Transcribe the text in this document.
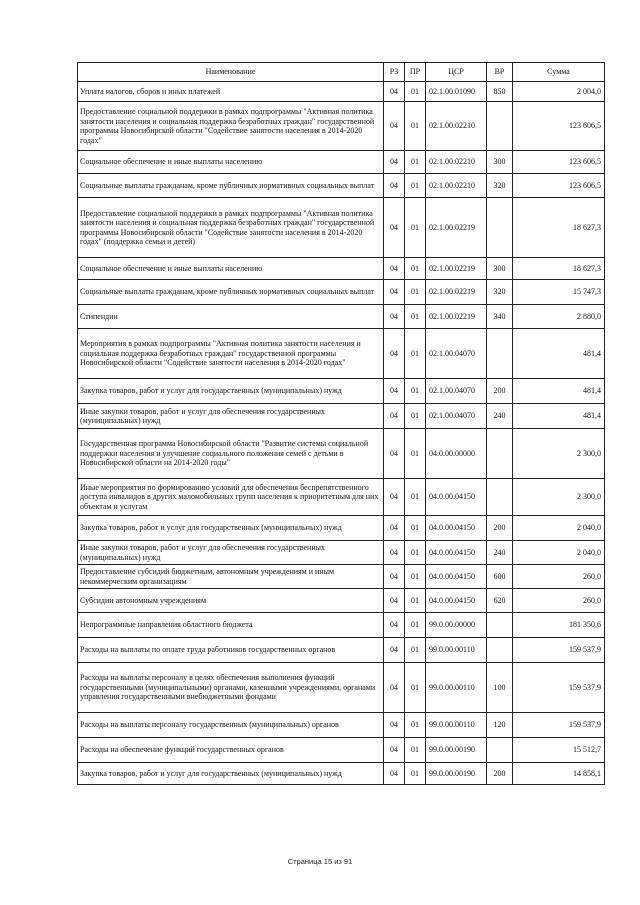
Наименование	РЗ	ПР	ЦСР	ВР	Сумма
Уплата налогов, сборов и иных платежей	04	01	02.1.00.01090	850	2 004,0
Предоставление социальной поддержки в рамках подпрограммы "Активная политика занятости населения и социальная поддержка безработных граждан" государственной программы Новосибирской области "Содействие занятости населения в 2014-2020 годах"	04	01	02.1.00.02210		123 606,5
Социальное обеспечение и иные выплаты населению	04	01	02.1.00.02210	300	123 606,5
Социальные выплаты гражданам, кроме публичных нормативных социальных выплат	04	01	02.1.00.02210	320	123 606,5
Предоставление социальной поддержки в рамках подпрограммы "Активная политика занятости населения и социальная поддержка безработных граждан" государственной программы Новосибирской области "Содействие занятости населения в 2014-2020 годах" (поддержка семьи и детей)	04	01	02.1.00.02219		18 627,3
Социальное обеспечение и иные выплаты населению	04	01	02.1.00.02219	300	18 627,3
Социальные выплаты гражданам, кроме публичных нормативных социальных выплат	04	01	02.1.00.02219	320	15 747,3
Стипендии	04	01	02.1.00.02219	340	2 880,0
Мероприятия в рамках подпрограммы "Активная политика занятости населения и социальная поддержка безработных граждан" государственной программы Новосибирской области "Содействие занятости населения в 2014-2020 годах"	04	01	02.1.00.04070		481,4
Закупка товаров, работ и услуг для государственных (муниципальных) нужд	04	01	02.1.00.04070	200	481,4
Иные закупки товаров, работ и услуг для обеспечения государственных (муниципальных) нужд	04	01	02.1.00.04070	240	481,4
Государственная программа Новосибирской области "Развитие системы социальной поддержки населения и улучшение социального положения семей с детьми в Новосибирской области на 2014-2020 годы"	04	01	04.0.00.00000		2 300,0
Иные мероприятия по формированию условий для обеспечения беспрепятственного доступа инвалидов в других маломобильных групп населения к приоритетным для них объектам и услугам	04	01	04.0.00.04150		2 300,0
Закупка товаров, работ и услуг для государственных (муниципальных) нужд	04	01	04.0.00.04150	200	2 040,0
Иные закупки товаров, работ и услуг для обеспечения государственных (муниципальных) нужд	04	01	04.0.00.04150	240	2 040,0
Предоставление субсидий бюджетным, автономным учреждениям и иным некоммерческим организациям	04	01	04.0.00.04150	600	260,0
Субсидии автономным учреждениям	04	01	04.0.00.04150	620	260,0
Непрограммные направления областного бюджета	04	01	99.0.00.00000		181 350,6
Расходы на выплаты по оплате труда работников государственных органов	04	01	99.0.00.00110		159 537,9
Расходы на выплаты персоналу в целях обеспечения выполнения функций государственными (муниципальными) органами, казенными учреждениями, органами управления государственными внебюджетными фондами	04	01	99.0.00.00110	100	159 537,9
Расходы на выплаты персоналу государственных (муниципальных) органов	04	01	99.0.00.00110	120	159 537,9
Расходы на обеспечение функций государственных органов	04	01	99.0.00.00190		15 512,7
Закупка товаров, работ и услуг для государственных (муниципальных) нужд	04	01	99.0.00.00190	200	14 858,1
Страница 15 из 91
